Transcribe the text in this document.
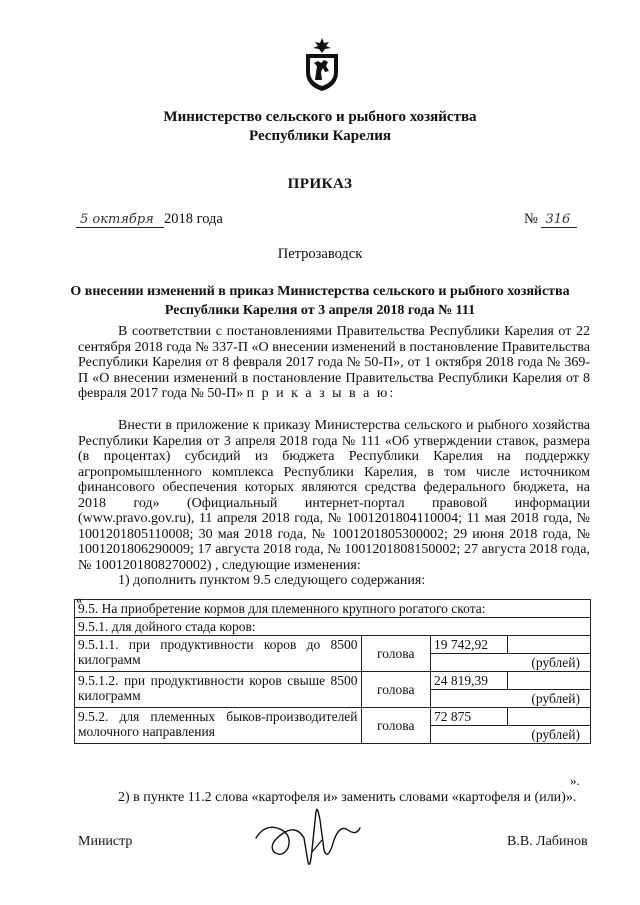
Министерство сельского и рыбного хозяйства
Республики Карелия
ПРИКАЗ
5 октября 2018 года	№ 316
Петрозаводск
О внесении изменений в приказ Министерства сельского и рыбного хозяйства
Республики Карелия от 3 апреля 2018 года № 111
В соответствии с постановлениями Правительства Республики Карелия от 22 сентября 2018 года № 337-П «О внесении изменений в постановление Правительства Республики Карелия от 8 февраля 2017 года № 50-П», от 1 октября 2018 года № 369-П «О внесении изменений в постановление Правительства Республики Карелия от 8 февраля 2017 года № 50-П» п р и к а з ы в а ю:
Внести в приложение к приказу Министерства сельского и рыбного хозяйства Республики Карелия от 3 апреля 2018 года № 111 «Об утверждении ставок, размера (в процентах) субсидий из бюджета Республики Карелия на поддержку агропромышленного комплекса Республики Карелия, в том числе источником финансового обеспечения которых являются средства федерального бюджета, на 2018 год» (Официальный интернет-портал правовой информации (www.pravo.gov.ru), 11 апреля 2018 года, № 1001201804110004; 11 мая 2018 года, № 1001201805110008; 30 мая 2018 года, № 1001201805300002; 29 июня 2018 года, № 1001201806290009; 17 августа 2018 года, № 1001201808150002; 27 августа 2018 года, № 1001201808270002) , следующие изменения:
1) дополнить пунктом 9.5 следующего содержания:
«
9.5. На приобретение кормов для племенного крупного рогатого скота:			
9.5.1. для дойного стада коров:			
9.5.1.1. при продуктивности коров до 8500 килограмм	голова	19 742,92	
		(рублей)	
9.5.1.2. при продуктивности коров свыше 8500 килограмм	голова	24 819,39	
		(рублей)	
9.5.2. для племенных быков-производителей молочного направления	голова	72 875	
		(рублей)	
».
2) в пункте 11.2 слова «картофеля и» заменить словами «картофеля и (или)».
Министр	В.В. Лабинов
